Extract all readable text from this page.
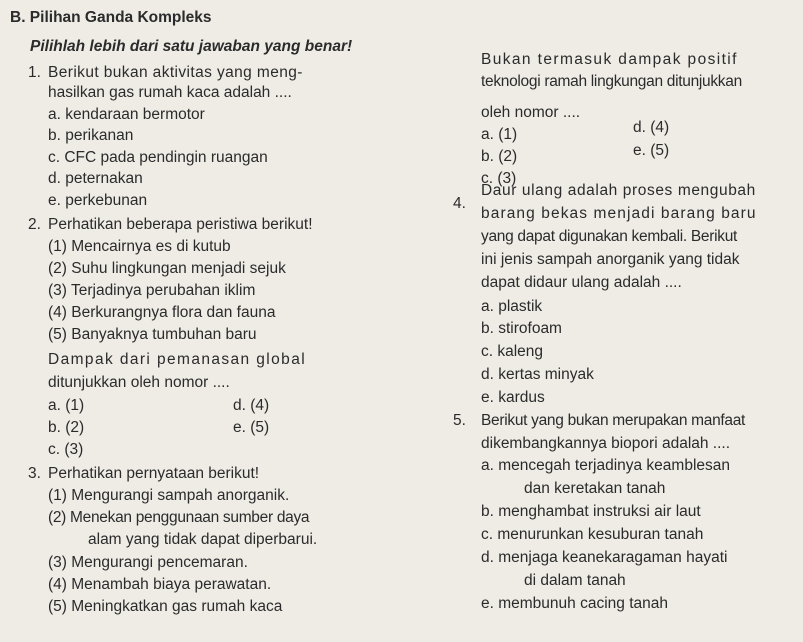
B. Pilihan Ganda Kompleks
Pilihlah lebih dari satu jawaban yang benar!
1. Berikut bukan aktivitas yang meng-
hasilkan gas rumah kaca adalah ....
a. kendaraan bermotor
b. perikanan
c. CFC pada pendingin ruangan
d. peternakan
e. perkebunan
2. Perhatikan beberapa peristiwa berikut!
(1) Mencairnya es di kutub
(2) Suhu lingkungan menjadi sejuk
(3) Terjadinya perubahan iklim
(4) Berkurangnya flora dan fauna
(5) Banyaknya tumbuhan baru
Dampak dari pemanasan global
ditunjukkan oleh nomor ....
a. (1)
b. (2)
c. (3)
d. (4)
e. (5)
3. Perhatikan pernyataan berikut!
(1) Mengurangi sampah anorganik.
(2) Menekan penggunaan sumber daya
alam yang tidak dapat diperbarui.
(3) Mengurangi pencemaran.
(4) Menambah biaya perawatan.
(5) Meningkatkan gas rumah kaca
Bukan termasuk dampak positif
teknologi ramah lingkungan ditunjukkan
oleh nomor ....
a. (1)
b. (2)
c. (3)
d. (4)
e. (5)
4.
Daur ulang adalah proses mengubah
barang bekas menjadi barang baru
yang dapat digunakan kembali. Berikut
ini jenis sampah anorganik yang tidak
dapat didaur ulang adalah ....
a. plastik
b. stirofoam
c. kaleng
d. kertas minyak
e. kardus
5. Berikut yang bukan merupakan manfaat
dikembangkannya biopori adalah ....
a. mencegah terjadinya keamblesan
dan keretakan tanah
b. menghambat instruksi air laut
c. menurunkan kesuburan tanah
d. menjaga keanekaragaman hayati
di dalam tanah
e. membunuh cacing tanah
